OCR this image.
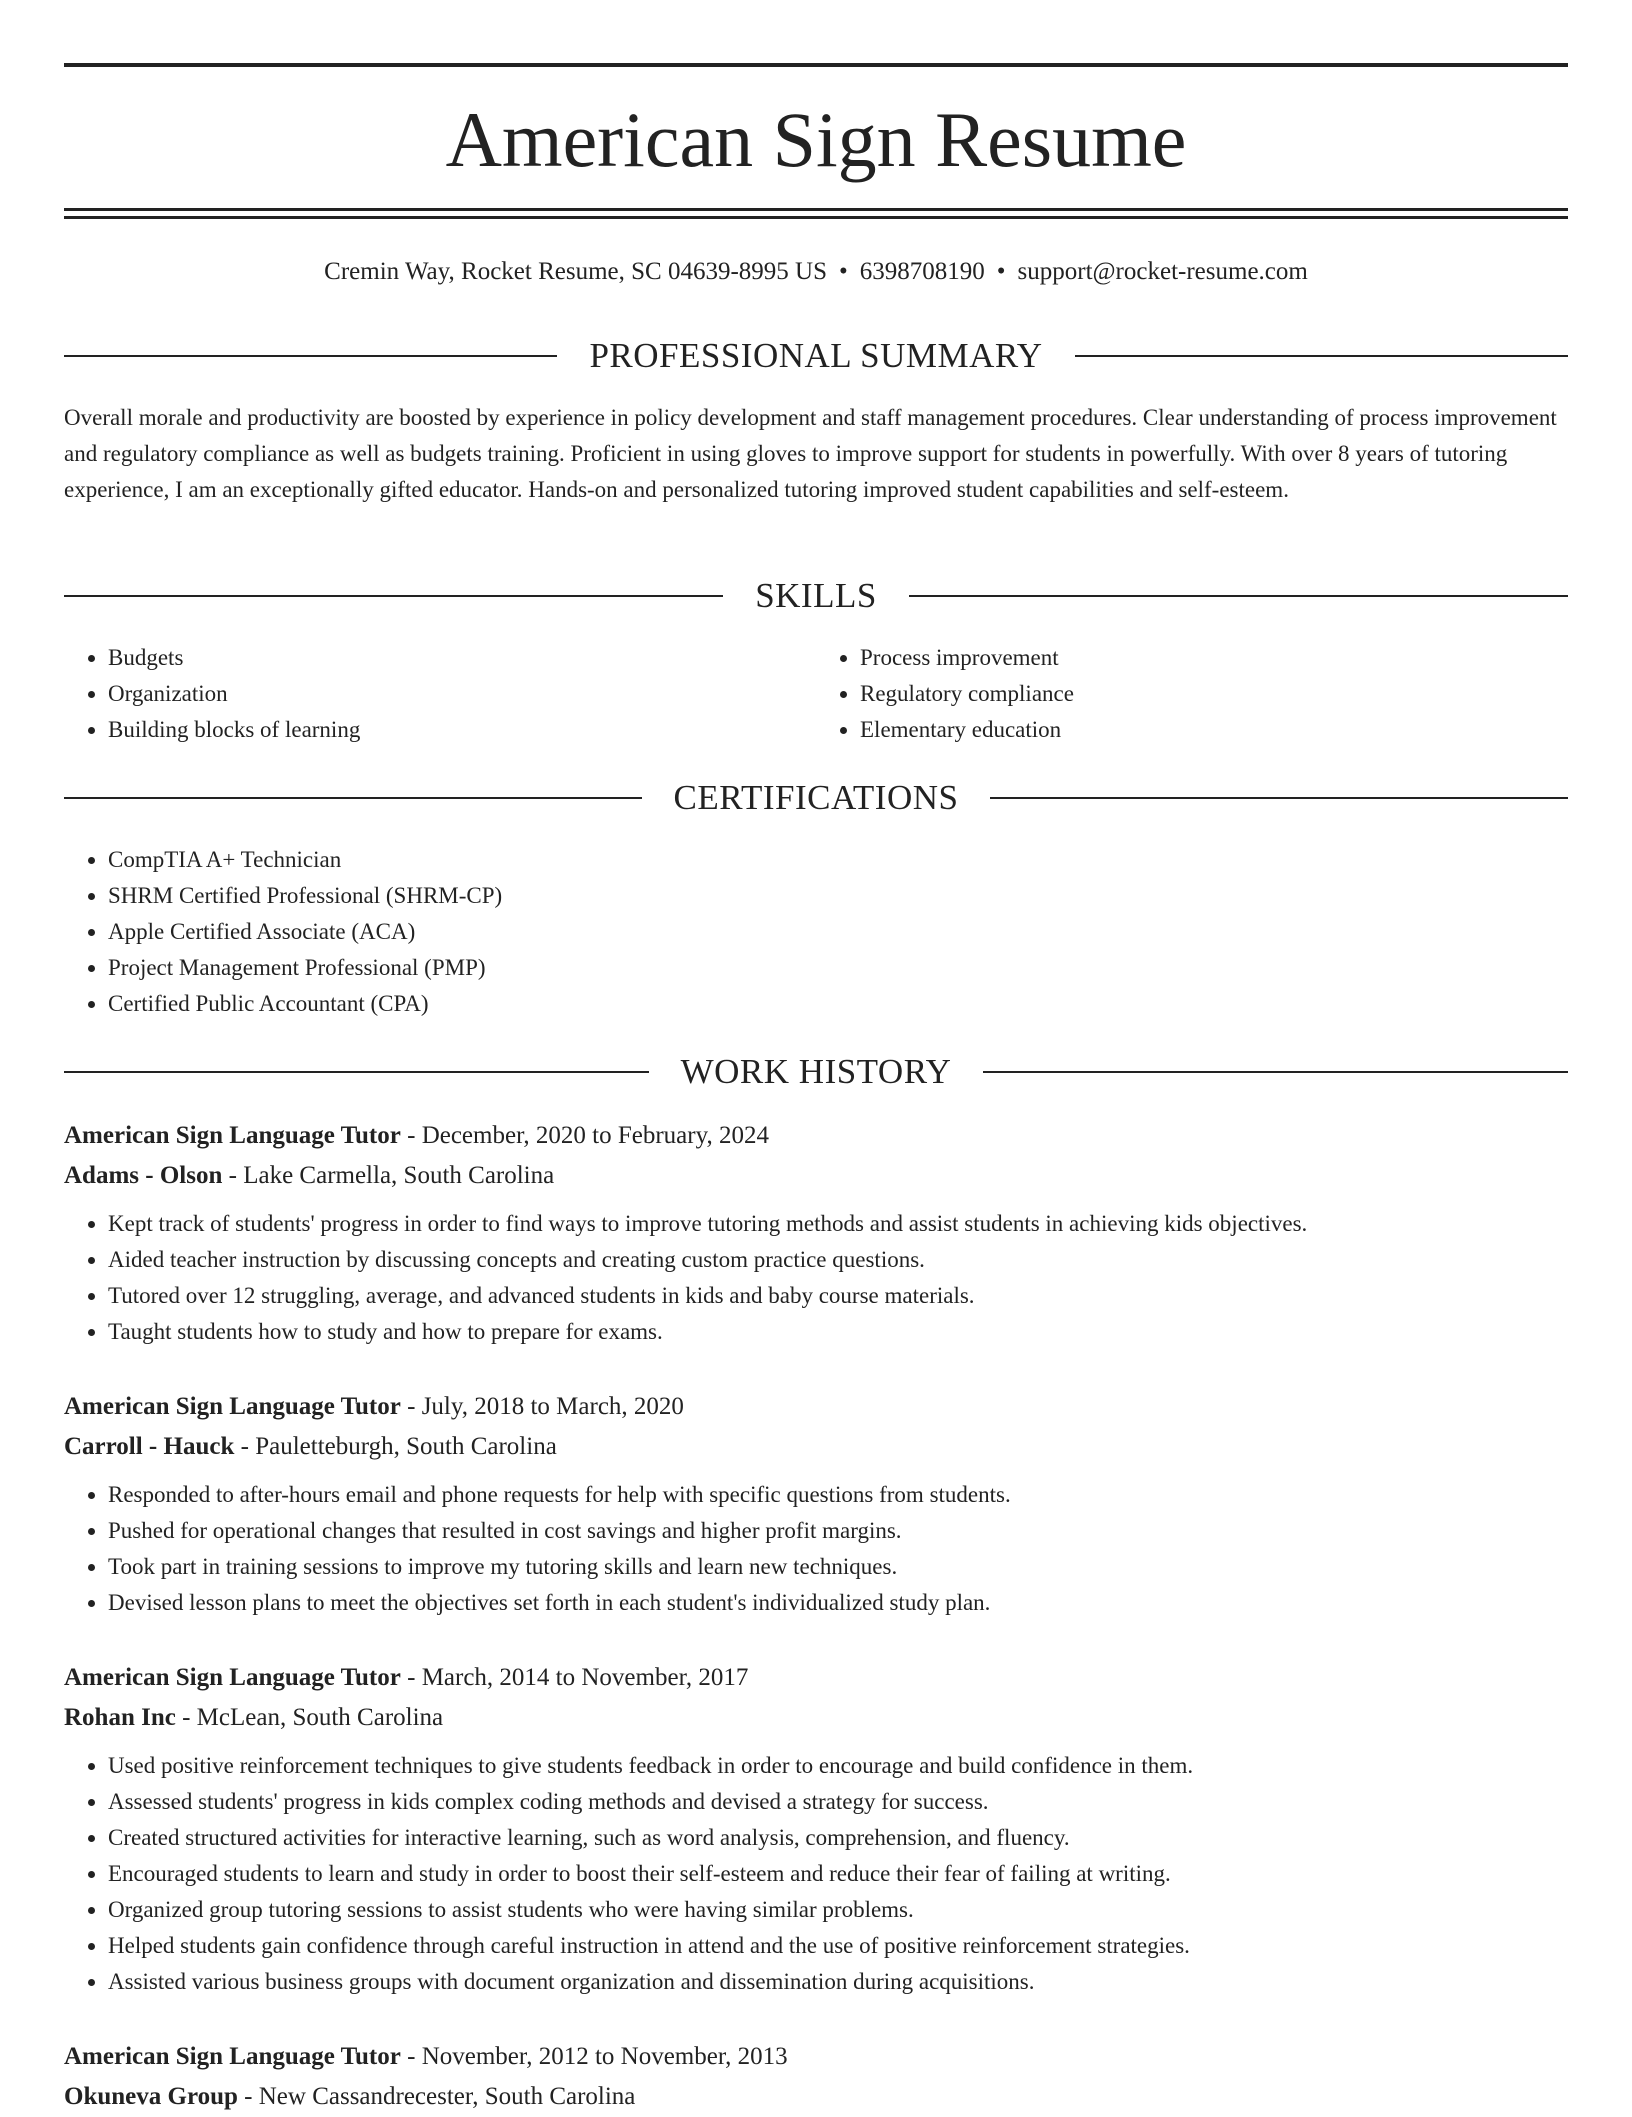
American Sign Resume
Cremin Way, Rocket Resume, SC 04639-8995 US • 6398708190 • support@rocket-resume.com
PROFESSIONAL SUMMARY

Overall morale and productivity are boosted by experience in policy development and staff management procedures. Clear understanding of process improvement and regulatory compliance as well as budgets training. Proficient in using gloves to improve support for students in powerfully. With over 8 years of tutoring experience, I am an exceptionally gifted educator. Hands-on and personalized tutoring improved student capabilities and self-esteem.

SKILLS
• Budgets
• Organization
• Building blocks of learning
• Process improvement
• Regulatory compliance
• Elementary education
CERTIFICATIONS
• CompTIA A+ Technician
• SHRM Certified Professional (SHRM-CP)
• Apple Certified Associate (ACA)
• Project Management Professional (PMP)
• Certified Public Accountant (CPA)
WORK HISTORY
American Sign Language Tutor - December, 2020 to February, 2024
Adams - Olson - Lake Carmella, South Carolina
• Kept track of students' progress in order to find ways to improve tutoring methods and assist students in achieving kids objectives.
• Aided teacher instruction by discussing concepts and creating custom practice questions.
• Tutored over 12 struggling, average, and advanced students in kids and baby course materials.
• Taught students how to study and how to prepare for exams.
American Sign Language Tutor - July, 2018 to March, 2020
Carroll - Hauck - Pauletteburgh, South Carolina
• Responded to after-hours email and phone requests for help with specific questions from students.
• Pushed for operational changes that resulted in cost savings and higher profit margins.
• Took part in training sessions to improve my tutoring skills and learn new techniques.
• Devised lesson plans to meet the objectives set forth in each student's individualized study plan.
American Sign Language Tutor - March, 2014 to November, 2017
Rohan Inc - McLean, South Carolina
• Used positive reinforcement techniques to give students feedback in order to encourage and build confidence in them.
• Assessed students' progress in kids complex coding methods and devised a strategy for success.
• Created structured activities for interactive learning, such as word analysis, comprehension, and fluency.
• Encouraged students to learn and study in order to boost their self-esteem and reduce their fear of failing at writing.
• Organized group tutoring sessions to assist students who were having similar problems.
• Helped students gain confidence through careful instruction in attend and the use of positive reinforcement strategies.
• Assisted various business groups with document organization and dissemination during acquisitions.
American Sign Language Tutor - November, 2012 to November, 2013
Okuneva Group - New Cassandrecester, South Carolina
